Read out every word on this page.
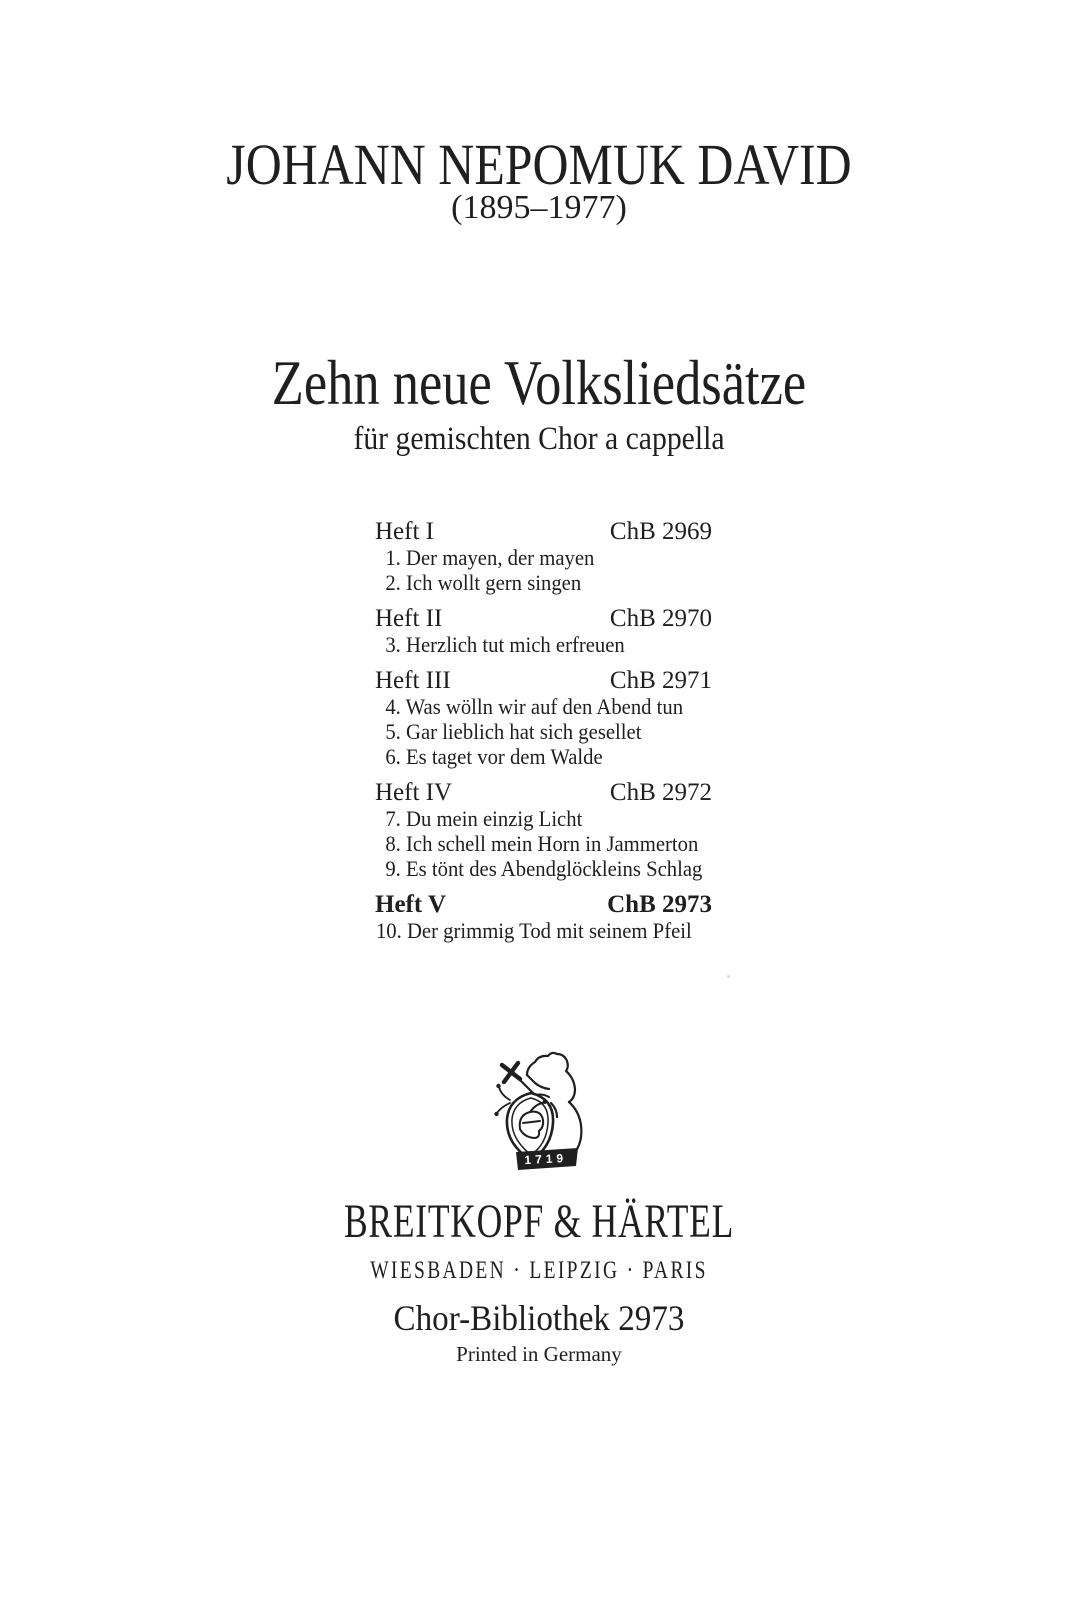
JOHANN NEPOMUK DAVID
(1895–1977)
Zehn neue Volksliedsätze
für gemischten Chor a cappella
Heft I	ChB 2969
1. Der mayen, der mayen
2. Ich wollt gern singen
Heft II	ChB 2970
3. Herzlich tut mich erfreuen
Heft III	ChB 2971
4. Was wölln wir auf den Abend tun
5. Gar lieblich hat sich gesellet
6. Es taget vor dem Walde
Heft IV	ChB 2972
7. Du mein einzig Licht
8. Ich schell mein Horn in Jammerton
9. Es tönt des Abendglöckleins Schlag
Heft V	ChB 2973
10. Der grimmig Tod mit seinem Pfeil
1719
BREITKOPF & HÄRTEL
WIESBADEN · LEIPZIG · PARIS
Chor-Bibliothek 2973
Printed in Germany
